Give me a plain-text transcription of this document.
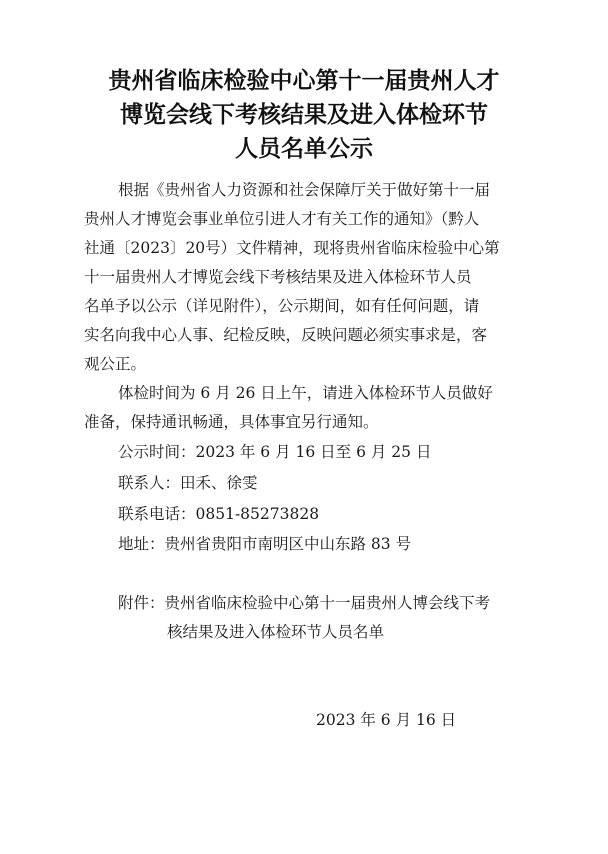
贵州省临床检验中心第十一届贵州人才
博览会线下考核结果及进入体检环节
人员名单公示
根据《贵州省人力资源和社会保障厅关于做好第十一届
贵州人才博览会事业单位引进人才有关工作的通知》（黔人
社通〔2023〕20号）文件精神，现将贵州省临床检验中心第
十一届贵州人才博览会线下考核结果及进入体检环节人员
名单予以公示（详见附件），公示期间，如有任何问题，请
实名向我中心人事、纪检反映，反映问题必须实事求是，客
观公正。
体检时间为 6 月 26 日上午，请进入体检环节人员做好
准备，保持通讯畅通，具体事宜另行通知。
公示时间：2023 年 6 月 16 日至 6 月 25 日
联系人：田禾、徐雯
联系电话：0851-85273828
地址：贵州省贵阳市南明区中山东路 83 号
附件：贵州省临床检验中心第十一届贵州人博会线下考
核结果及进入体检环节人员名单
2023 年 6 月 16 日
